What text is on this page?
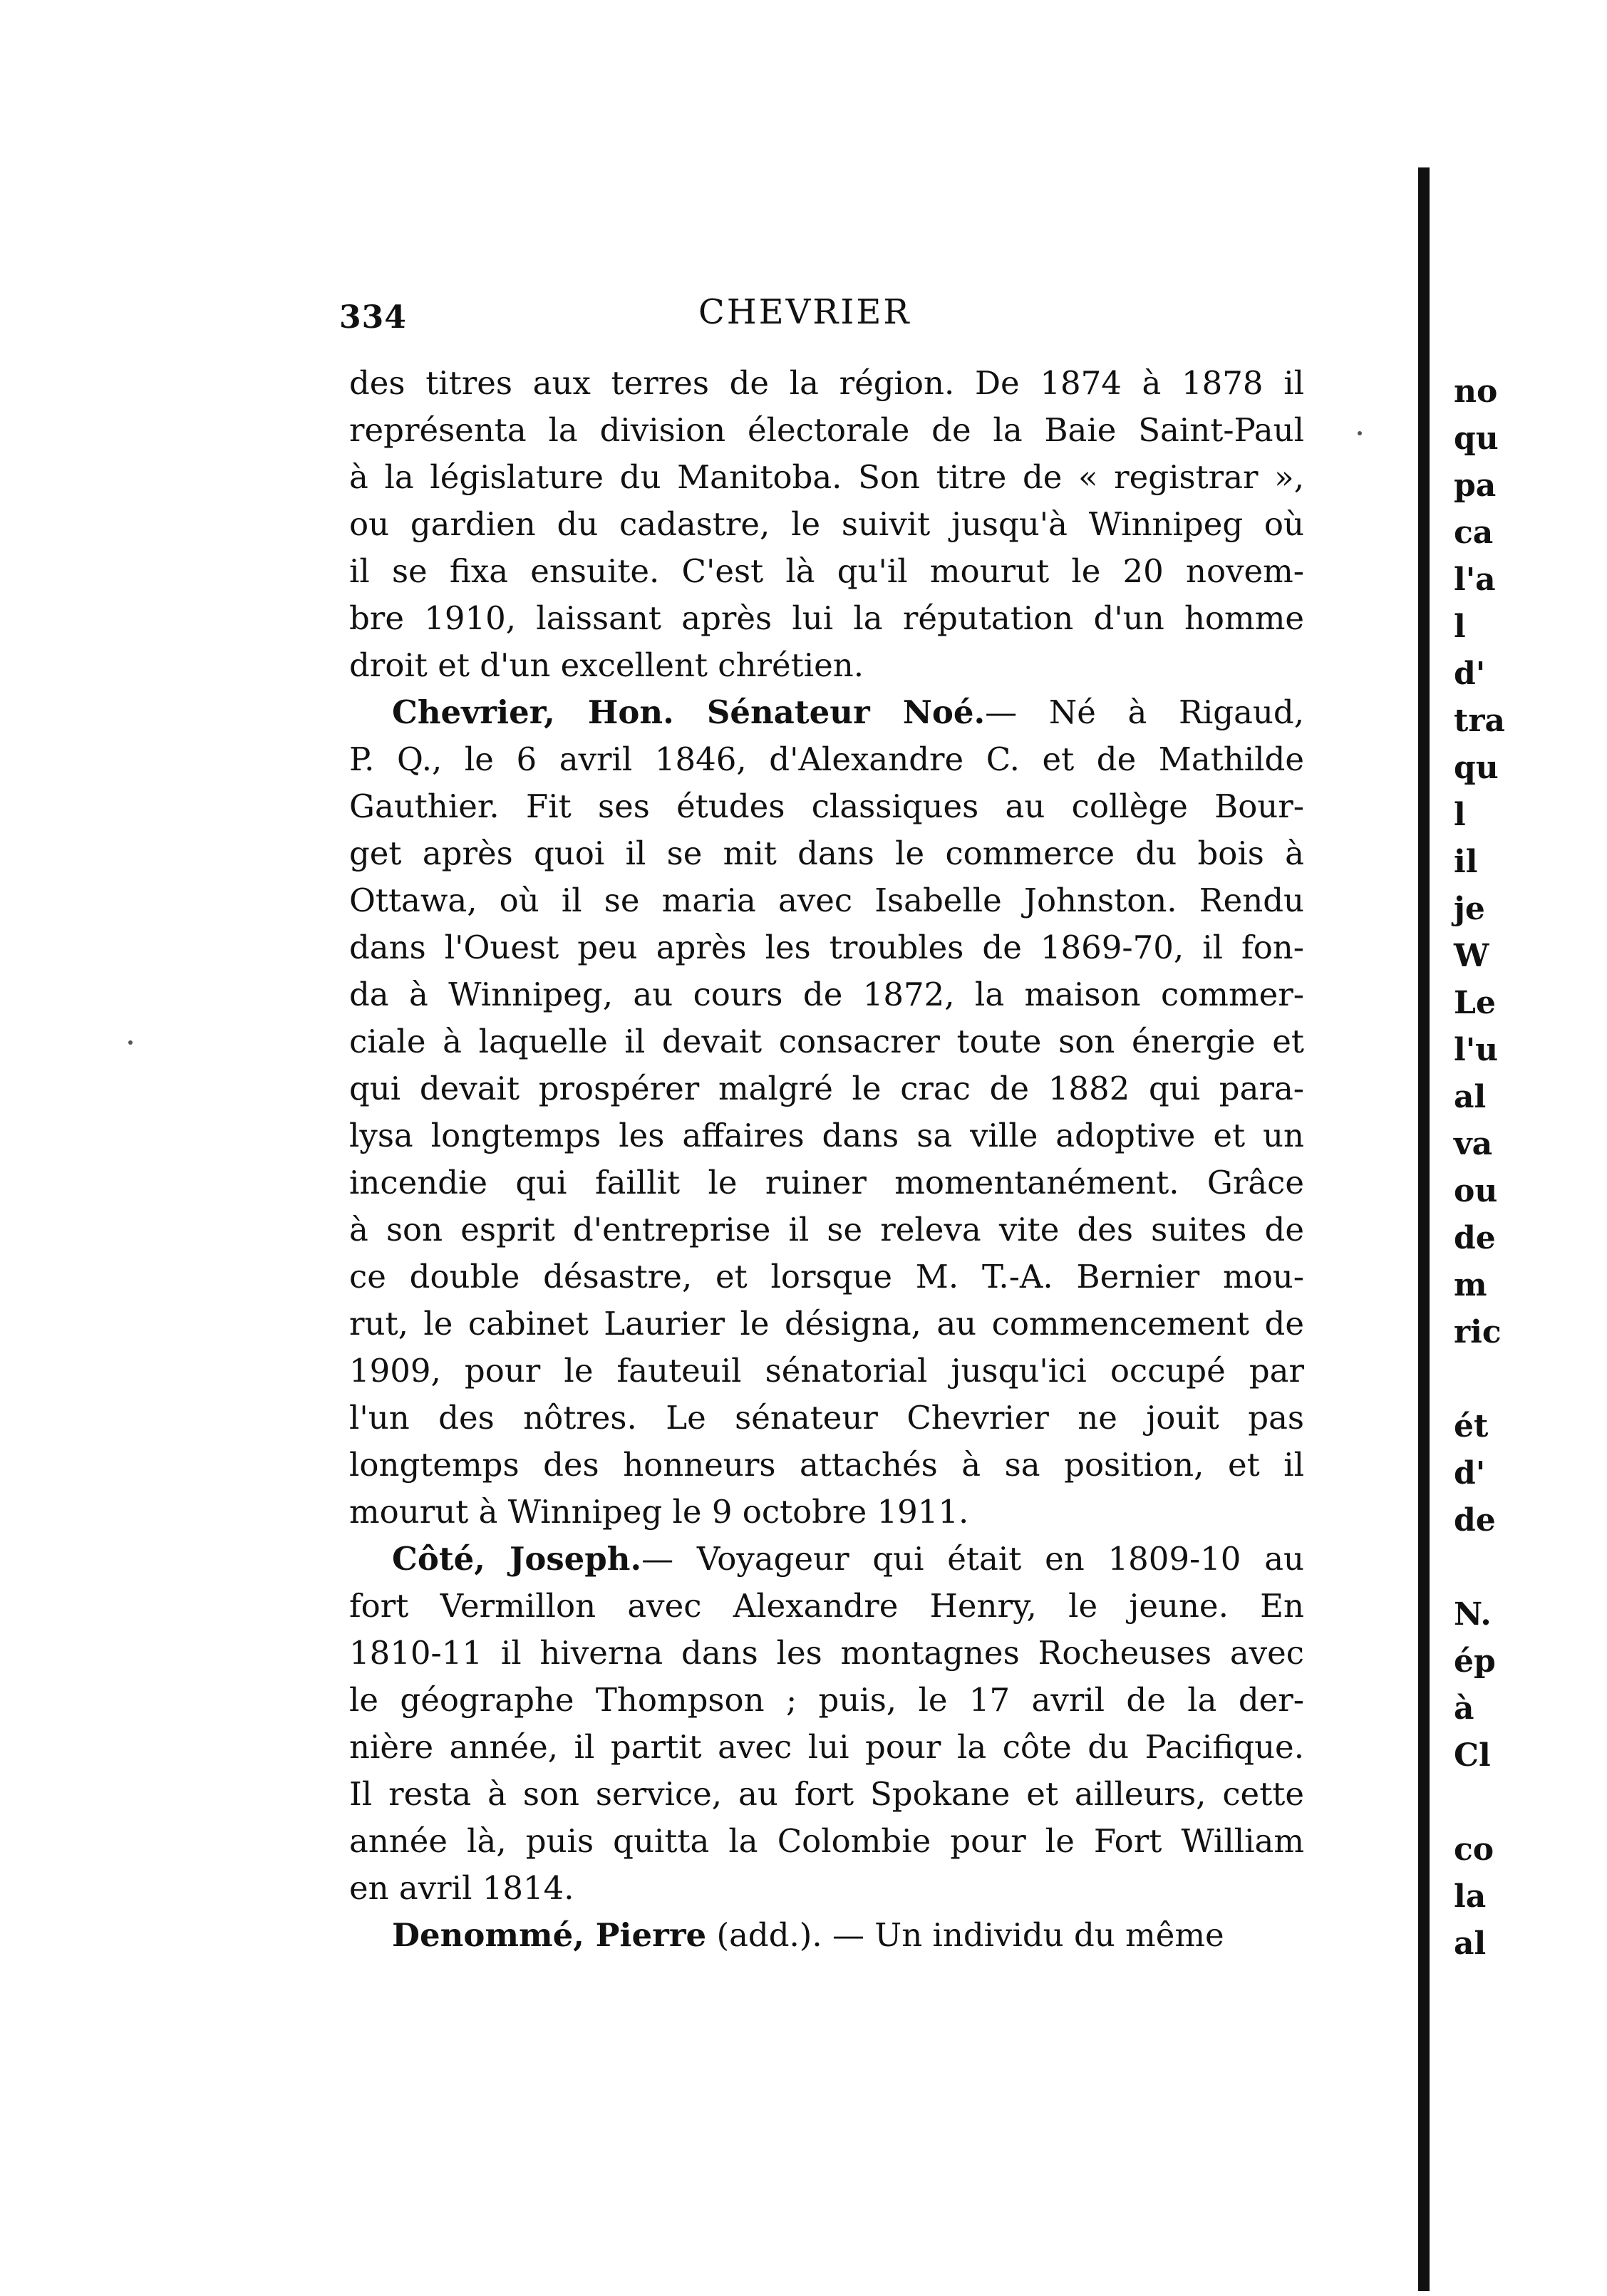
334	CHEVRIER
des titres aux terres de la région. De 1874 à 1878 il
représenta la division électorale de la Baie Saint-Paul
à la législature du Manitoba. Son titre de « registrar »,
ou gardien du cadastre, le suivit jusqu'à Winnipeg où
il se fixa ensuite. C'est là qu'il mourut le 20 novem-
bre 1910, laissant après lui la réputation d'un homme
droit et d'un excellent chrétien.
Chevrier, Hon. Sénateur Noé.— Né à Rigaud,
P. Q., le 6 avril 1846, d'Alexandre C. et de Mathilde
Gauthier. Fit ses études classiques au collège Bour-
get après quoi il se mit dans le commerce du bois à
Ottawa, où il se maria avec Isabelle Johnston. Rendu
dans l'Ouest peu après les troubles de 1869-70, il fon-
da à Winnipeg, au cours de 1872, la maison commer-
ciale à laquelle il devait consacrer toute son énergie et
qui devait prospérer malgré le crac de 1882 qui para-
lysa longtemps les affaires dans sa ville adoptive et un
incendie qui faillit le ruiner momentanément. Grâce
à son esprit d'entreprise il se releva vite des suites de
ce double désastre, et lorsque M. T.-A. Bernier mou-
rut, le cabinet Laurier le désigna, au commencement de
1909, pour le fauteuil sénatorial jusqu'ici occupé par
l'un des nôtres. Le sénateur Chevrier ne jouit pas
longtemps des honneurs attachés à sa position, et il
mourut à Winnipeg le 9 octobre 1911.
Côté, Joseph.— Voyageur qui était en 1809-10 au
fort Vermillon avec Alexandre Henry, le jeune. En
1810-11 il hiverna dans les montagnes Rocheuses avec
le géographe Thompson ; puis, le 17 avril de la der-
nière année, il partit avec lui pour la côte du Pacifique.
Il resta à son service, au fort Spokane et ailleurs, cette
année là, puis quitta la Colombie pour le Fort William
en avril 1814.
Denommé, Pierre (add.). — Un individu du même
no
qu
pa
ca
l'a
l
d'
tra
qu
l
il
je
W
Le
l'u
al
va
ou
de
m
ric
ét
d'
de
N.
ép
à
Cl
co
la
al
